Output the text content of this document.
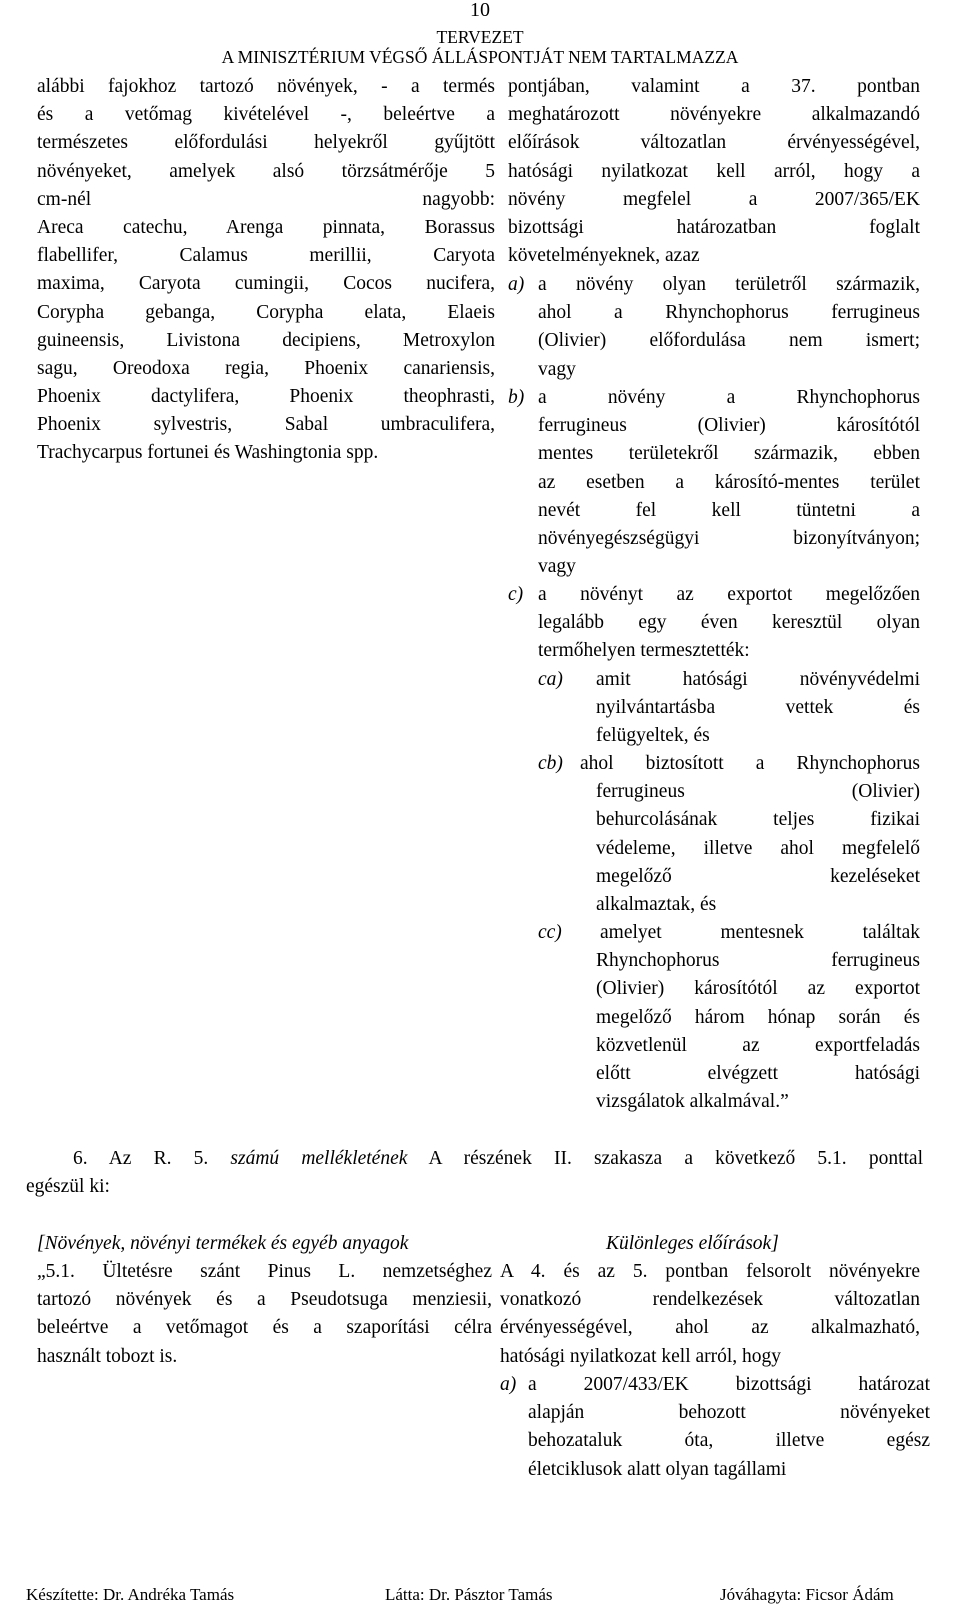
10
TERVEZET
A MINISZTÉRIUM VÉGSŐ ÁLLÁSPONTJÁT NEM TARTALMAZZA
alábbi fajokhoz tartozó növények, - a termés
és a vetőmag kivételével -, beleértve a
természetes előfordulási helyekről gyűjtött
növényeket, amelyek alsó törzsátmérője 5
cm-nél nagyobb:
Areca catechu, Arenga pinnata, Borassus
flabellifer, Calamus merillii, Caryota
maxima, Caryota cumingii, Cocos nucifera,
Corypha gebanga, Corypha elata, Elaeis
guineensis, Livistona decipiens, Metroxylon
sagu, Oreodoxa regia, Phoenix canariensis,
Phoenix dactylifera, Phoenix theophrasti,
Phoenix sylvestris, Sabal umbraculifera,
Trachycarpus fortunei és Washingtonia spp.
pontjában, valamint a 37. pontban
meghatározott növényekre alkalmazandó
előírások változatlan érvényességével,
hatósági nyilatkozat kell arról, hogy a
növény megfelel a 2007/365/EK
bizottsági határozatban foglalt
követelményeknek, azaz
a) a növény olyan területről származik,
ahol a Rhynchophorus ferrugineus
(Olivier) előfordulása nem ismert;
vagy
b) a növény a Rhynchophorus
ferrugineus (Olivier) károsítótól
mentes területekről származik, ebben
az esetben a károsító-mentes terület
nevét fel kell tüntetni a
növényegészségügyi bizonyítványon;
vagy
c) a növényt az exportot megelőzően
legalább egy éven keresztül olyan
termőhelyen termesztették:
ca) amit hatósági növényvédelmi
nyilvántartásba vettek és
felügyeltek, és
cb) ahol biztosított a Rhynchophorus
ferrugineus (Olivier)
behurcolásának teljes fizikai
védeleme, illetve ahol megfelelő
megelőző kezeléseket
alkalmaztak, és
cc) amelyet mentesnek találtak
Rhynchophorus ferrugineus
(Olivier) károsítótól az exportot
megelőző három hónap során és
közvetlenül az exportfeladás
előtt elvégzett hatósági
vizsgálatok alkalmával.”
6. Az R. 5. számú mellékletének A részének II. szakasza a következő 5.1. ponttal
egészül ki:
[Növények, növényi termékek és egyéb anyagok	Különleges előírások]
„5.1. Ültetésre szánt Pinus L. nemzetséghez
tartozó növények és a Pseudotsuga menziesii,
beleértve a vetőmagot és a szaporítási célra
használt tobozt is.
A 4. és az 5. pontban felsorolt növényekre
vonatkozó rendelkezések változatlan
érvényességével, ahol az alkalmazható,
hatósági nyilatkozat kell arról, hogy
a) a 2007/433/EK bizottsági határozat
alapján behozott növényeket
behozataluk óta, illetve egész
életciklusok alatt olyan tagállami
Készítette: Dr. Andréka Tamás	Látta: Dr. Pásztor Tamás	Jóváhagyta: Ficsor Ádám
